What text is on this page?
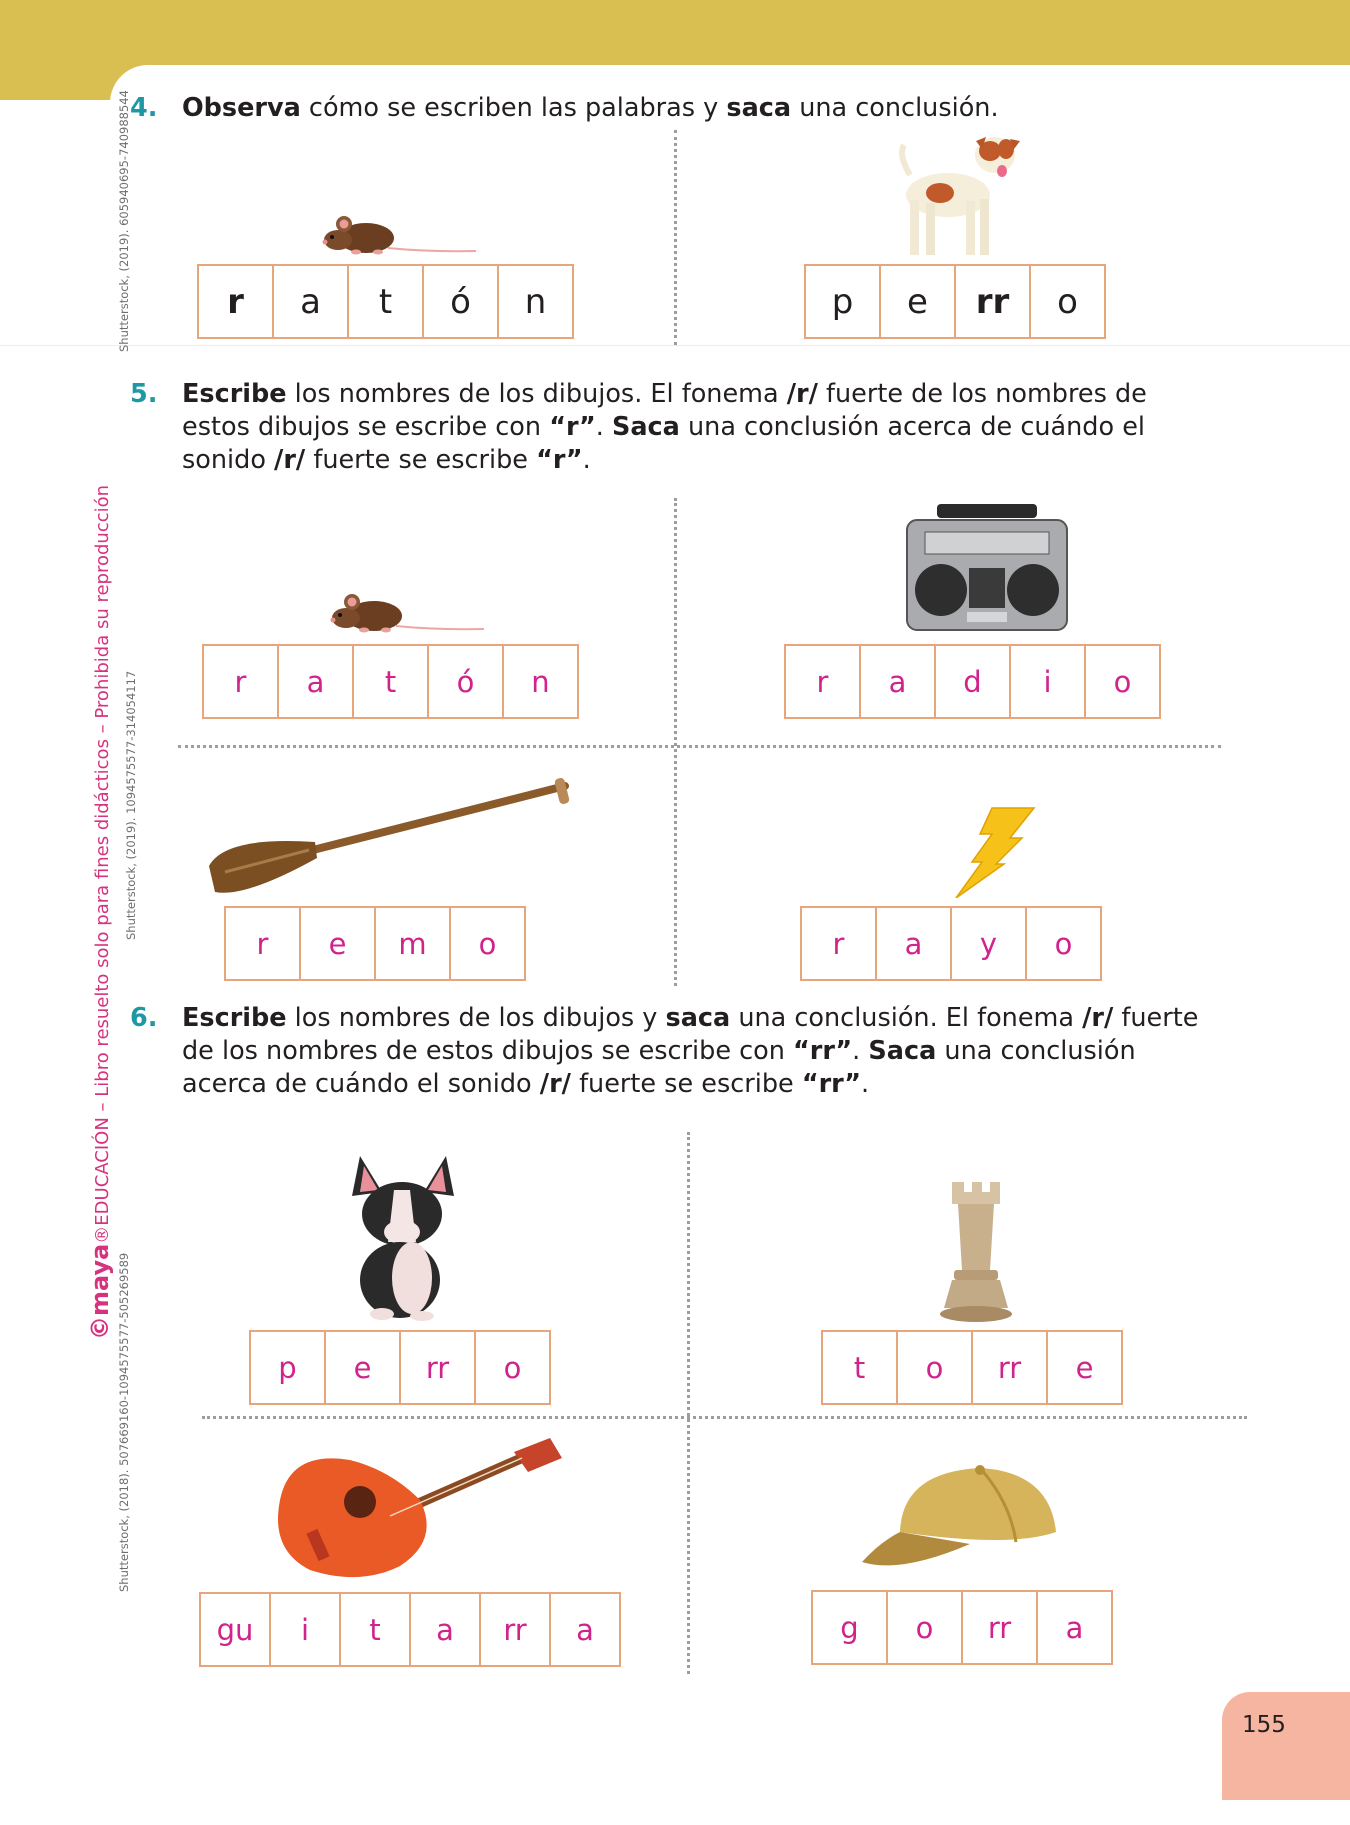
Shutterstock, (2019). 605940695-740988544
Shutterstock, (2019). 1094575577-314054117
Shutterstock, (2018). 507669160-1094575577-505269589
©maya®EDUCACIÓN – Libro resuelto solo para fines didácticos – Prohibida su reproducción
4. Observa cómo se escriben las palabras y saca una conclusión.
r	a	t	ó	n	p	e	rr	o
5. Escribe los nombres de los dibujos. El fonema /r/ fuerte de los nombres de estos dibujos se escribe con “r”. Saca una conclusión acerca de cuándo el sonido /r/ fuerte se escribe “r”.
r	a	t	ó	n	r	a	d	i	o
r	e	m	o	r	a	y	o
6. Escribe los nombres de los dibujos y saca una conclusión. El fonema /r/ fuerte de los nombres de estos dibujos se escribe con “rr”. Saca una conclusión acerca de cuándo el sonido /r/ fuerte se escribe “rr”.
p	e	rr	o	t	o	rr	e
gu	i	t	a	rr	a	g	o	rr	a
155
